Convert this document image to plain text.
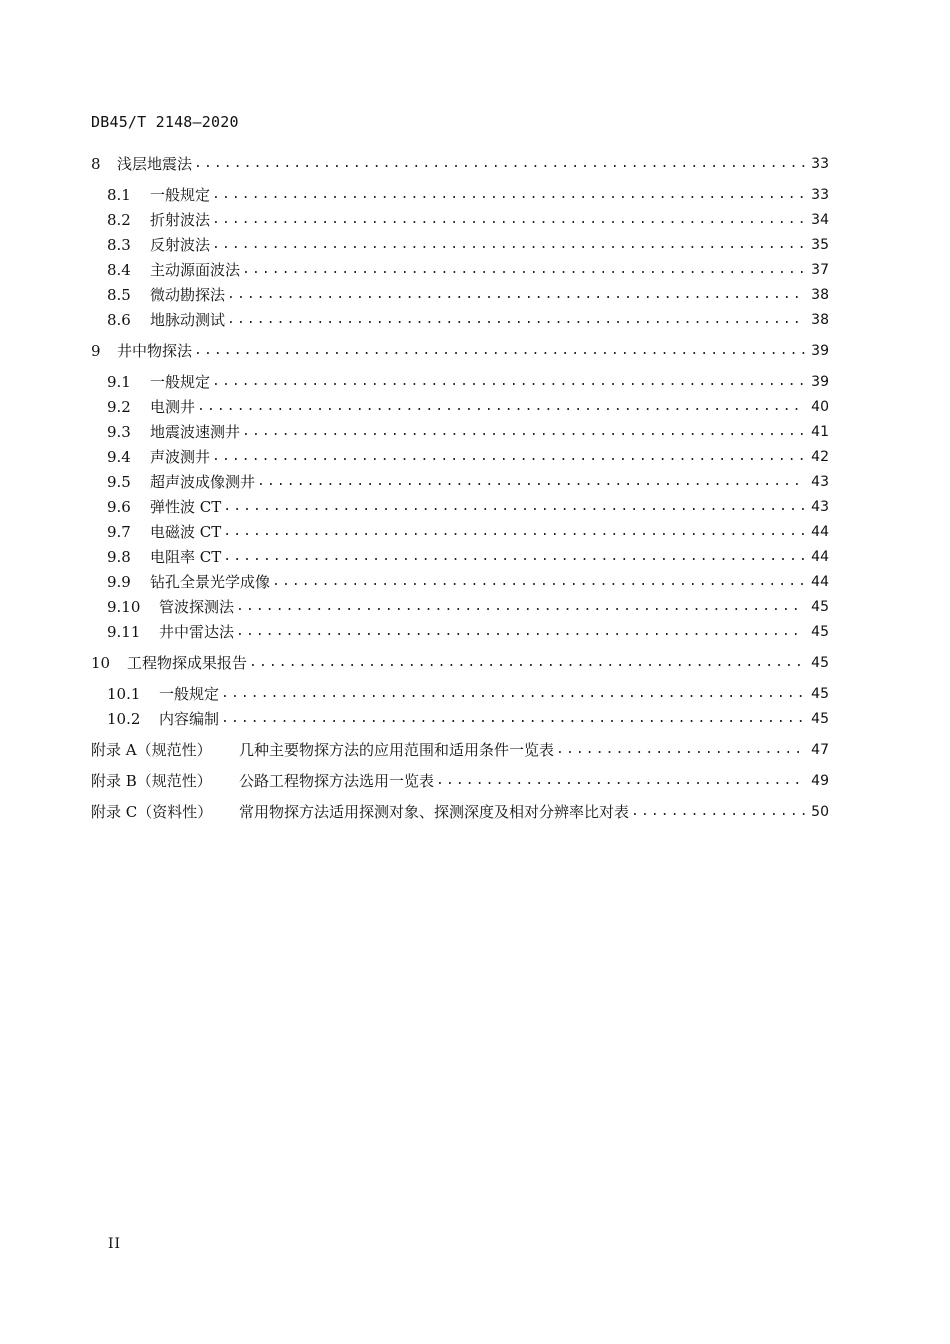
DB45/T 2148—2020
8	浅层地震法 .....	33
8.1	一般规定 .....	33
8.2	折射波法 .....	34
8.3	反射波法 .....	35
8.4	主动源面波法 .....	37
8.5	微动勘探法 .....	38
8.6	地脉动测试 .....	38
9	井中物探法 .....	39
9.1	一般规定 .....	39
9.2	电测井 .....	40
9.3	地震波速测井 .....	41
9.4	声波测井 .....	42
9.5	超声波成像测井 .....	43
9.6	弹性波 CT .....	43
9.7	电磁波 CT .....	44
9.8	电阻率 CT .....	44
9.9	钻孔全景光学成像 .....	44
9.10	管波探测法 .....	45
9.11	井中雷达法 .....	45
10	工程物探成果报告 .....	45
10.1	一般规定 .....	45
10.2	内容编制 .....	45
附录 A（规范性）	几种主要物探方法的应用范围和适用条件一览表 .....	47
附录 B（规范性）	公路工程物探方法选用一览表 .....	49
附录 C（资料性）	常用物探方法适用探测对象、探测深度及相对分辨率比对表 .....	50
II
